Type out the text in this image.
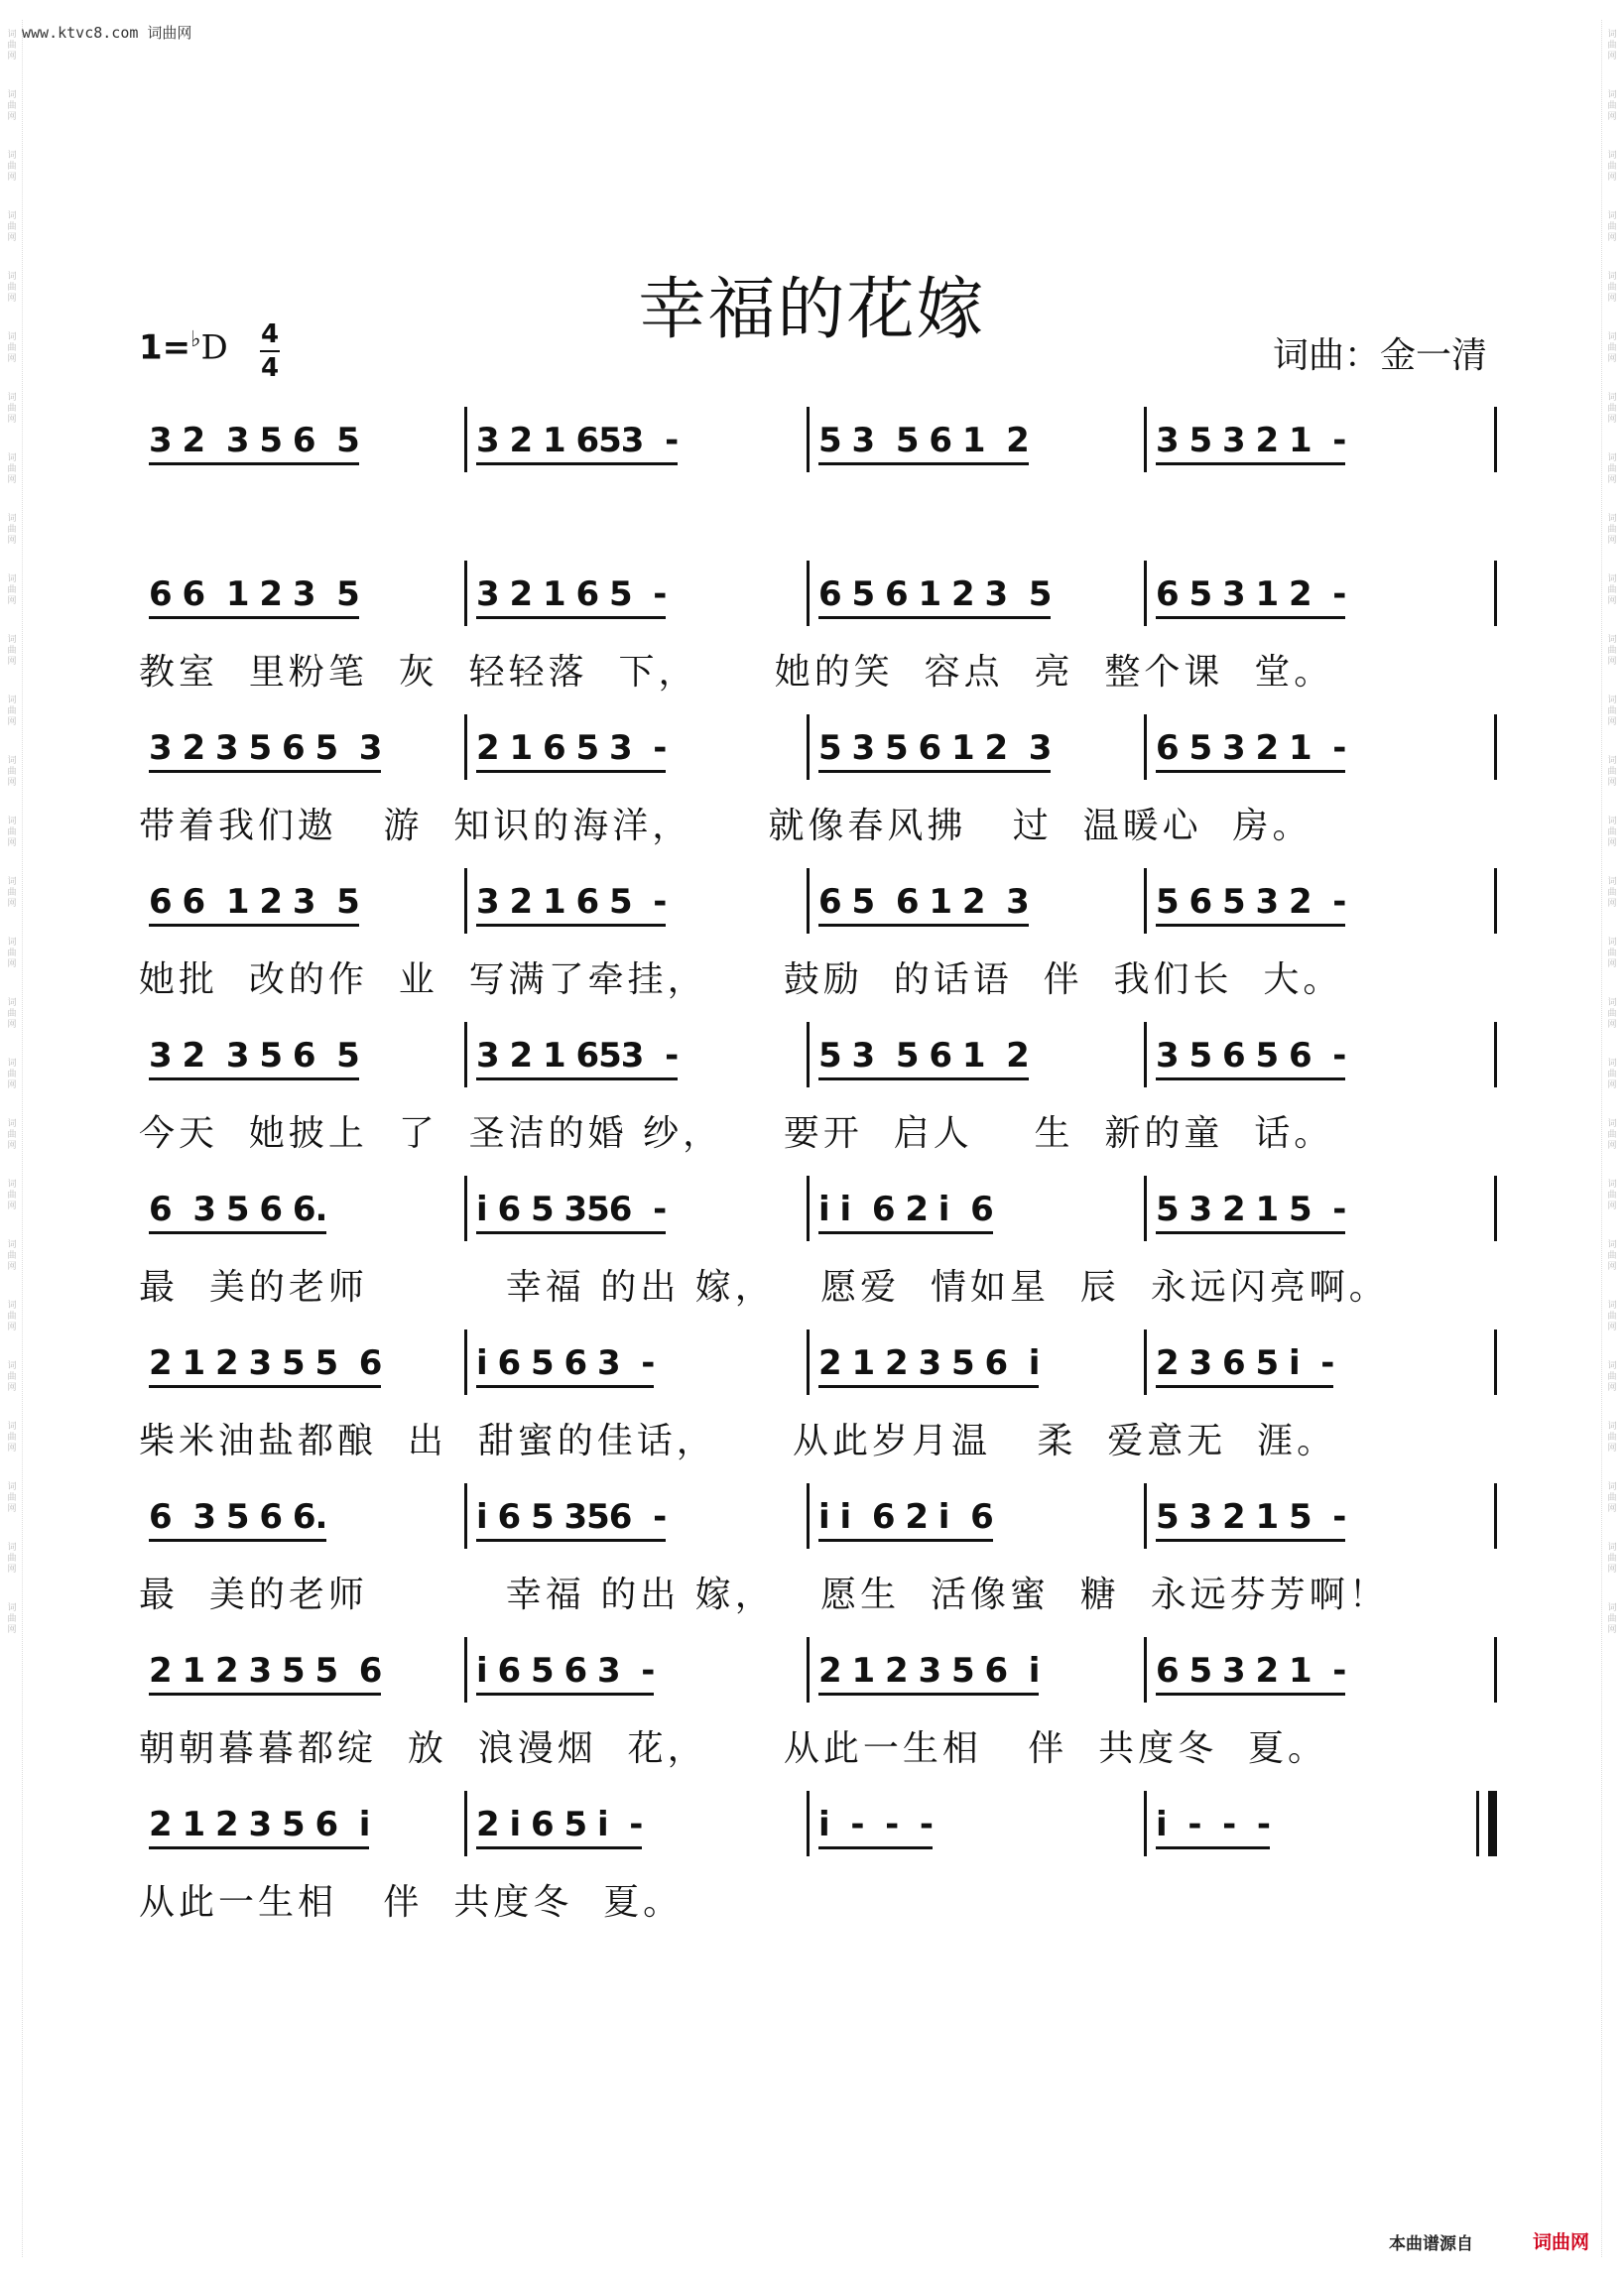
词曲网
词曲网
词曲网
词曲网
词曲网
词曲网
词曲网
词曲网
词曲网
词曲网
词曲网
词曲网
词曲网
词曲网
词曲网
词曲网
词曲网
词曲网
词曲网
词曲网
词曲网
词曲网
词曲网
词曲网
词曲网
词曲网
词曲网
词曲网
词曲网
词曲网
词曲网
词曲网
词曲网
词曲网
词曲网
词曲网
词曲网
词曲网
词曲网
词曲网
词曲网
词曲网
词曲网
词曲网
词曲网
词曲网
词曲网
词曲网
词曲网
词曲网
词曲网
词曲网
词曲网
词曲网
www.ktvc8.com 词曲网
幸福的花嫁
1=♭D 4
4	词曲：金一清
3 2  3 5 6  5	3 2 1 653  -	5 3  5 6 1  2	3 5 3 2 1  -
6 6  1 2 3  5	3 2 1 6 5  -	6 5 6 1 2 3  5	6 5 3 1 2  -
教室  里粉笔  灰  轻轻落  下，     她的笑  容点  亮  整个课  堂。
3 2 3 5 6 5  3	2 1 6 5 3  -	5 3 5 6 1 2  3	6 5 3 2 1  -
带着我们遨   游  知识的海洋，     就像春风拂   过  温暖心  房。
6 6  1 2 3  5	3 2 1 6 5  -	6 5  6 1 2  3	5 6 5 3 2  -
她批  改的作  业  写满了牵挂，     鼓励  的话语  伴  我们长  大。
3 2  3 5 6  5	3 2 1 653  -	5 3  5 6 1  2	3 5 6 5 6  -
今天  她披上  了  圣洁的婚 纱，    要开  启人    生  新的童  话。
6  3 5 6 6.	i 6 5 356  -	i i  6 2 i  6	5 3 2 1 5  -
最  美的老师         幸福 的出 嫁，   愿爱  情如星  辰  永远闪亮啊。
2 1 2 3 5 5  6	i 6 5 6 3  -	2 1 2 3 5 6  i	2 3 6 5 i  -
柴米油盐都酿  出  甜蜜的佳话，     从此岁月温   柔  爱意无  涯。
6  3 5 6 6.	i 6 5 356  -	i i  6 2 i  6	5 3 2 1 5  -
最  美的老师         幸福 的出 嫁，   愿生  活像蜜  糖  永远芬芳啊！
2 1 2 3 5 5  6	i 6 5 6 3  -	2 1 2 3 5 6  i	6 5 3 2 1  -
朝朝暮暮都绽  放  浪漫烟  花，     从此一生相   伴  共度冬  夏。
2 1 2 3 5 6  i	2 i 6 5 i  -	i  -  -  -	i  -  -  -
从此一生相   伴  共度冬  夏。
本曲谱源自	词曲网
